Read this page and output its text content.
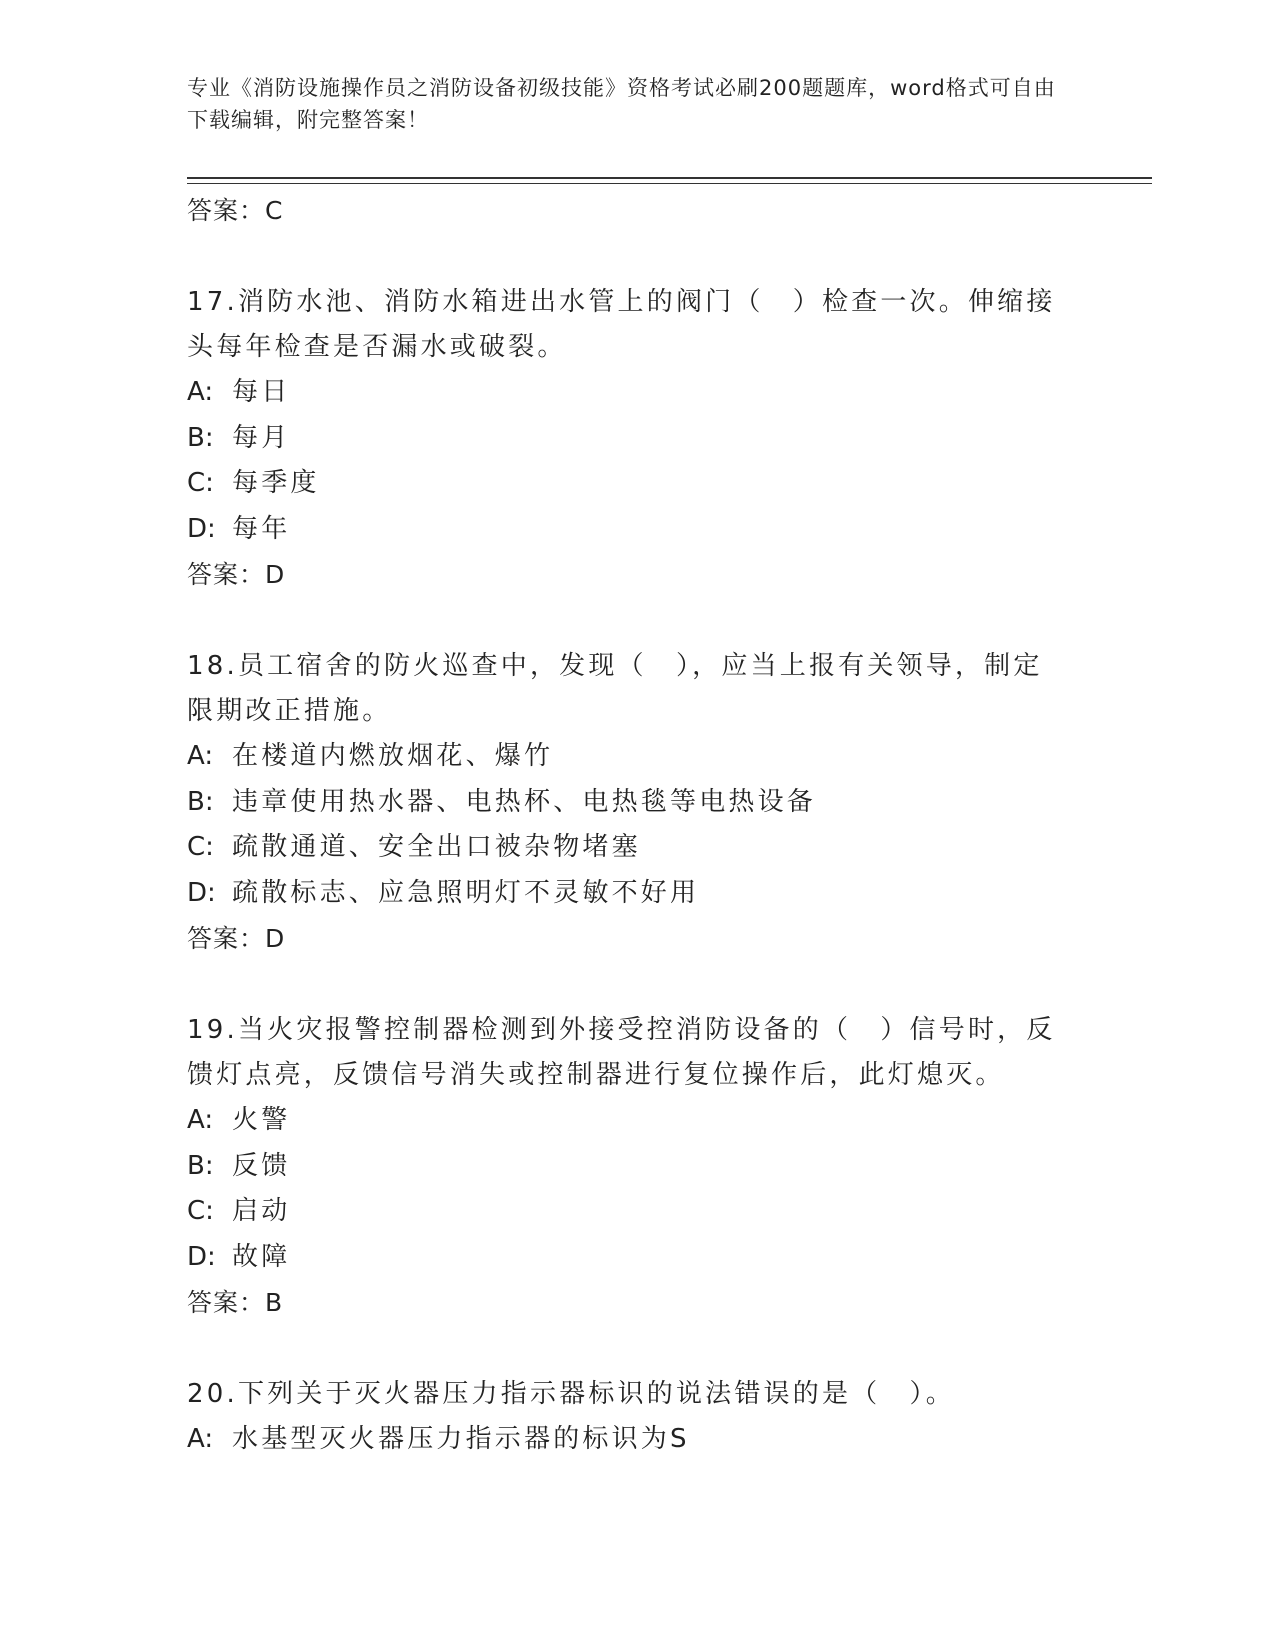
专业《消防设施操作员之消防设备初级技能》资格考试必刷200题题库，word格式可自由下载编辑，附完整答案！
答案：C
17.消防水池、消防水箱进出水管上的阀门（　）检查一次。伸缩接头每年检查是否漏水或破裂。
A: 每日
B: 每月
C: 每季度
D: 每年
答案：D
18.员工宿舍的防火巡查中，发现（　），应当上报有关领导，制定限期改正措施。
A: 在楼道内燃放烟花、爆竹
B: 违章使用热水器、电热杯、电热毯等电热设备
C: 疏散通道、安全出口被杂物堵塞
D: 疏散标志、应急照明灯不灵敏不好用
答案：D
19.当火灾报警控制器检测到外接受控消防设备的（　）信号时，反馈灯点亮，反馈信号消失或控制器进行复位操作后，此灯熄灭。
A: 火警
B: 反馈
C: 启动
D: 故障
答案：B
20.下列关于灭火器压力指示器标识的说法错误的是（　）。
A: 水基型灭火器压力指示器的标识为S
